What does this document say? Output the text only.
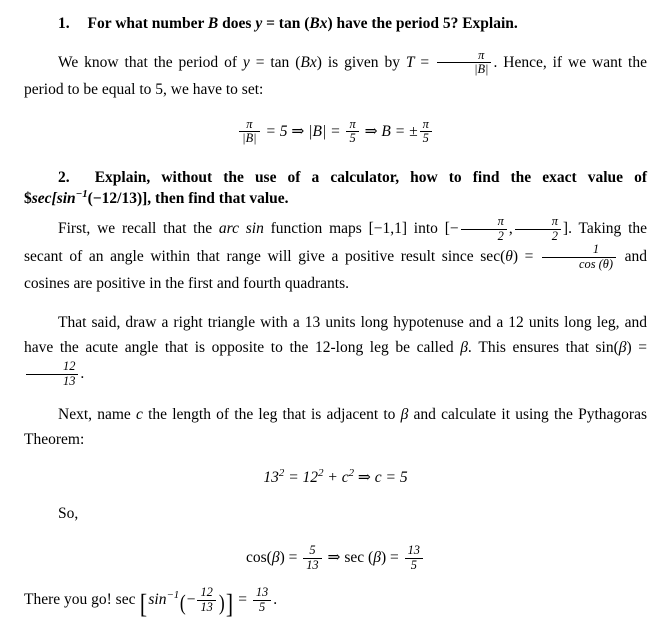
1. For what number B does y = tan (Bx) have the period 5? Explain.

We know that the period of y = tan (Bx) is given by $T = \frac{\pi}{|B|}$ . Hence, if we want the period to be equal to 5, we have to set:

$\frac{\pi}{|B|} = 5$ ⇒ $|B| = \frac{\pi}{5}$ ⇒ B = ± $\frac{\pi}{5}$

2. Explain, without the use of a calculator, how to find the exact value of $\$\sec[\sin^{-1}(-12/13)]$, then find that value.

First, we recall that the arc sin function maps [−1,1] into [− $\frac{\pi}{2}$ , $\frac{\pi}{2}$ ]. Taking the secant of an angle within that range will give a positive result since $\sec(\theta) = \frac{1}{\cos (\theta)}$ and cosines are positive in the first and fourth quadrants.

That said, draw a right triangle with a 13 units long hypotenuse and a 12 units long leg, and have the acute angle that is opposite to the 12-long leg be called β. This ensures that sin(β) =
$\frac{12}{13}$ .

Next, name c the length of the leg that is adjacent to β and calculate it using the Pythagoras Theorem:

$13^2 = 12^2 + c^2$ ⇒ c = 5

So,

$\cos(\beta) = \frac{5}{13}$ ⇒ $\sec (\beta) = \frac{13}{5}$

There you go! $\sec [\sin^{-1}(- \frac{12}{13}$ )] = $\frac{13}{5}$ .
